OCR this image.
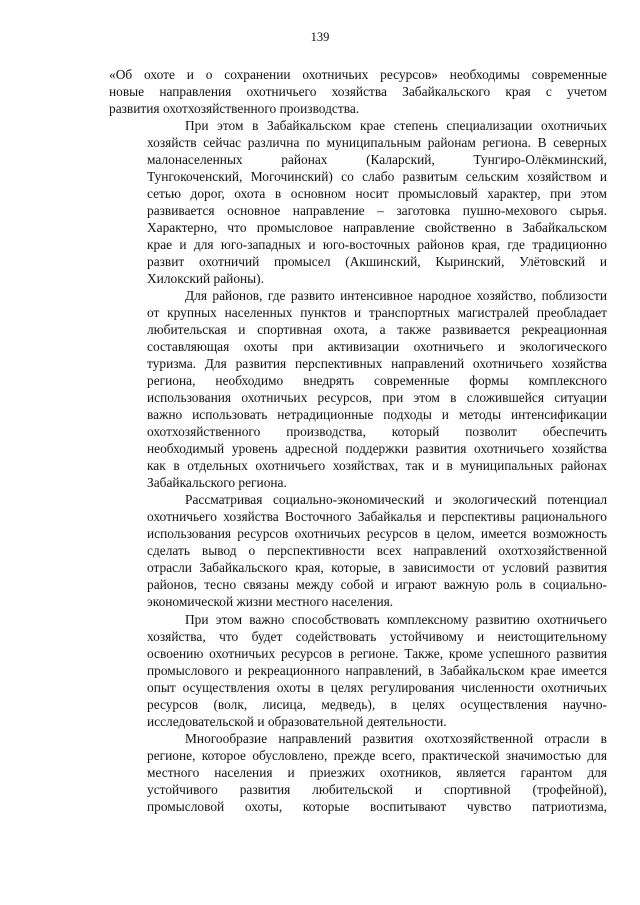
139

«Об охоте и о сохранении охотничьих ресурсов» необходимы современные
новые направления охотничьего хозяйства Забайкальского края с учетом
развития охотхозяйственного производства.

При этом в Забайкальском крае степень специализации охотничьих
хозяйств сейчас различна по муниципальным районам региона. В северных
малонаселенных районах (Каларский, Тунгиро-Олёкминский,
Тунгокоченский, Могочинский) со слабо развитым сельским хозяйством и
сетью дорог, охота в основном носит промысловый характер, при этом
развивается основное направление – заготовка пушно-мехового сырья.
Характерно, что промысловое направление свойственно в Забайкальском
крае и для юго-западных и юго-восточных районов края, где традиционно
развит охотничий промысел (Акшинский, Кыринский, Улётовский и
Хилокский районы).

Для районов, где развито интенсивное народное хозяйство, поблизости
от крупных населенных пунктов и транспортных магистралей преобладает
любительская и спортивная охота, а также развивается рекреационная
составляющая охоты при активизации охотничьего и экологического
туризма. Для развития перспективных направлений охотничьего хозяйства
региона, необходимо внедрять современные формы комплексного
использования охотничьих ресурсов, при этом в сложившейся ситуации
важно использовать нетрадиционные подходы и методы интенсификации
охотхозяйственного производства, который позволит обеспечить
необходимый уровень адресной поддержки развития охотничьего хозяйства
как в отдельных охотничьего хозяйствах, так и в муниципальных районах
Забайкальского региона.

Рассматривая социально-экономический и экологический потенциал
охотничьего хозяйства Восточного Забайкалья и перспективы рационального
использования ресурсов охотничьих ресурсов в целом, имеется возможность
сделать вывод о перспективности всех направлений охотхозяйственной
отрасли Забайкальского края, которые, в зависимости от условий развития
районов, тесно связаны между собой и играют важную роль в социально-
экономической жизни местного населения.

При этом важно способствовать комплексному развитию охотничьего
хозяйства, что будет содействовать устойчивому и неистощительному
освоению охотничьих ресурсов в регионе. Также, кроме успешного развития
промыслового и рекреационного направлений, в Забайкальском крае имеется
опыт осуществления охоты в целях регулирования численности охотничьих
ресурсов (волк, лисица, медведь), в целях осуществления научно-
исследовательской и образовательной деятельности.

Многообразие направлений развития охотхозяйственной отрасли в
регионе, которое обусловлено, прежде всего, практической значимостью для
местного населения и приезжих охотников, является гарантом для
устойчивого развития любительской и спортивной (трофейной),
промысловой охоты, которые воспитывают чувство патриотизма,
